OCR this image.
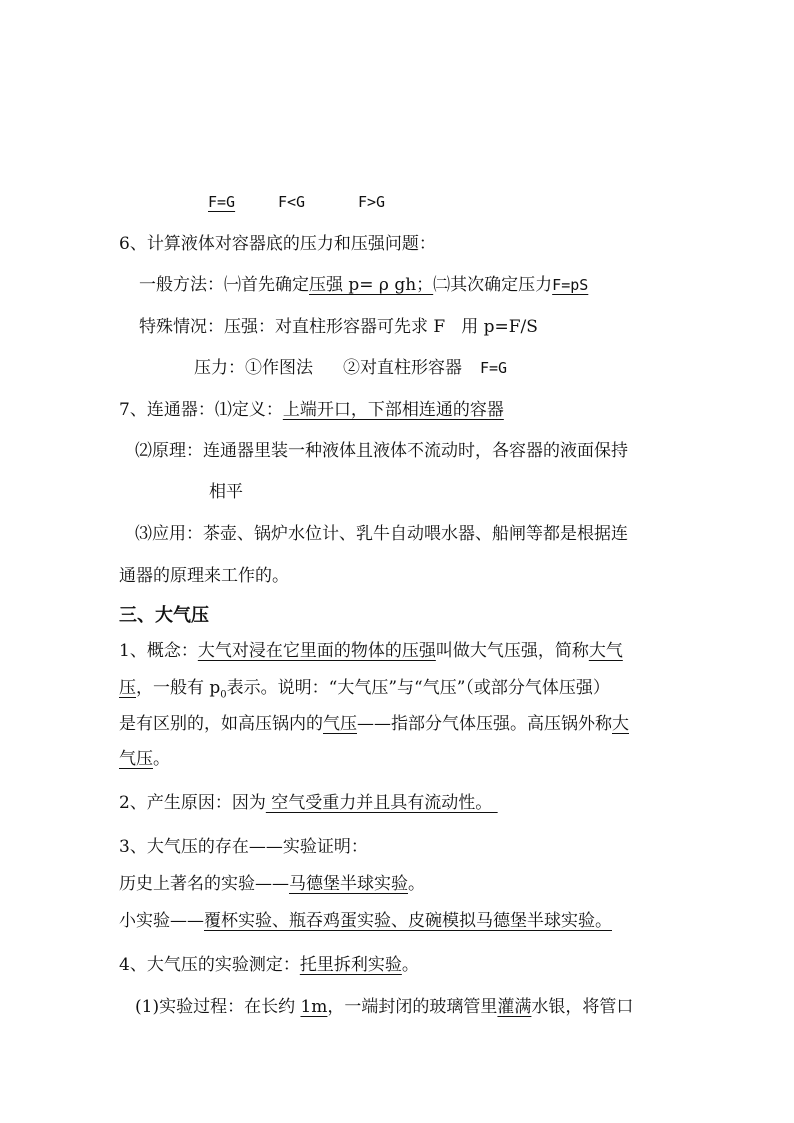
F=G	F<G	F>G
6、计算液体对容器底的压力和压强问题：
一般方法：㈠首先确定压强 p= ρ gh；㈡其次确定压力F=pS
特殊情况：压强：对直柱形容器可先求 F 用 p=F/S
压力：①作图法 ②对直柱形容器 F=G
7、连通器：⑴定义：上端开口，下部相连通的容器
⑵原理：连通器里装一种液体且液体不流动时，各容器的液面保持
相平
⑶应用：茶壶、锅炉水位计、乳牛自动喂水器、船闸等都是根据连
通器的原理来工作的。
三、大气压
1、概念：大气对浸在它里面的物体的压强叫做大气压强，简称大气
压，一般有 $p_0$表示。说明：“大气压”与“气压”（或部分气体压强）
是有区别的，如高压锅内的气压——指部分气体压强。高压锅外称大
气压。
2、产生原因：因为 空气受重力并且具有流动性。
3、大气压的存在——实验证明：
历史上著名的实验——马德堡半球实验。
小实验——覆杯实验、瓶吞鸡蛋实验、皮碗模拟马德堡半球实验。
4、大气压的实验测定：托里拆利实验。
(1)实验过程：在长约 1m，一端封闭的玻璃管里灌满水银，将管口
